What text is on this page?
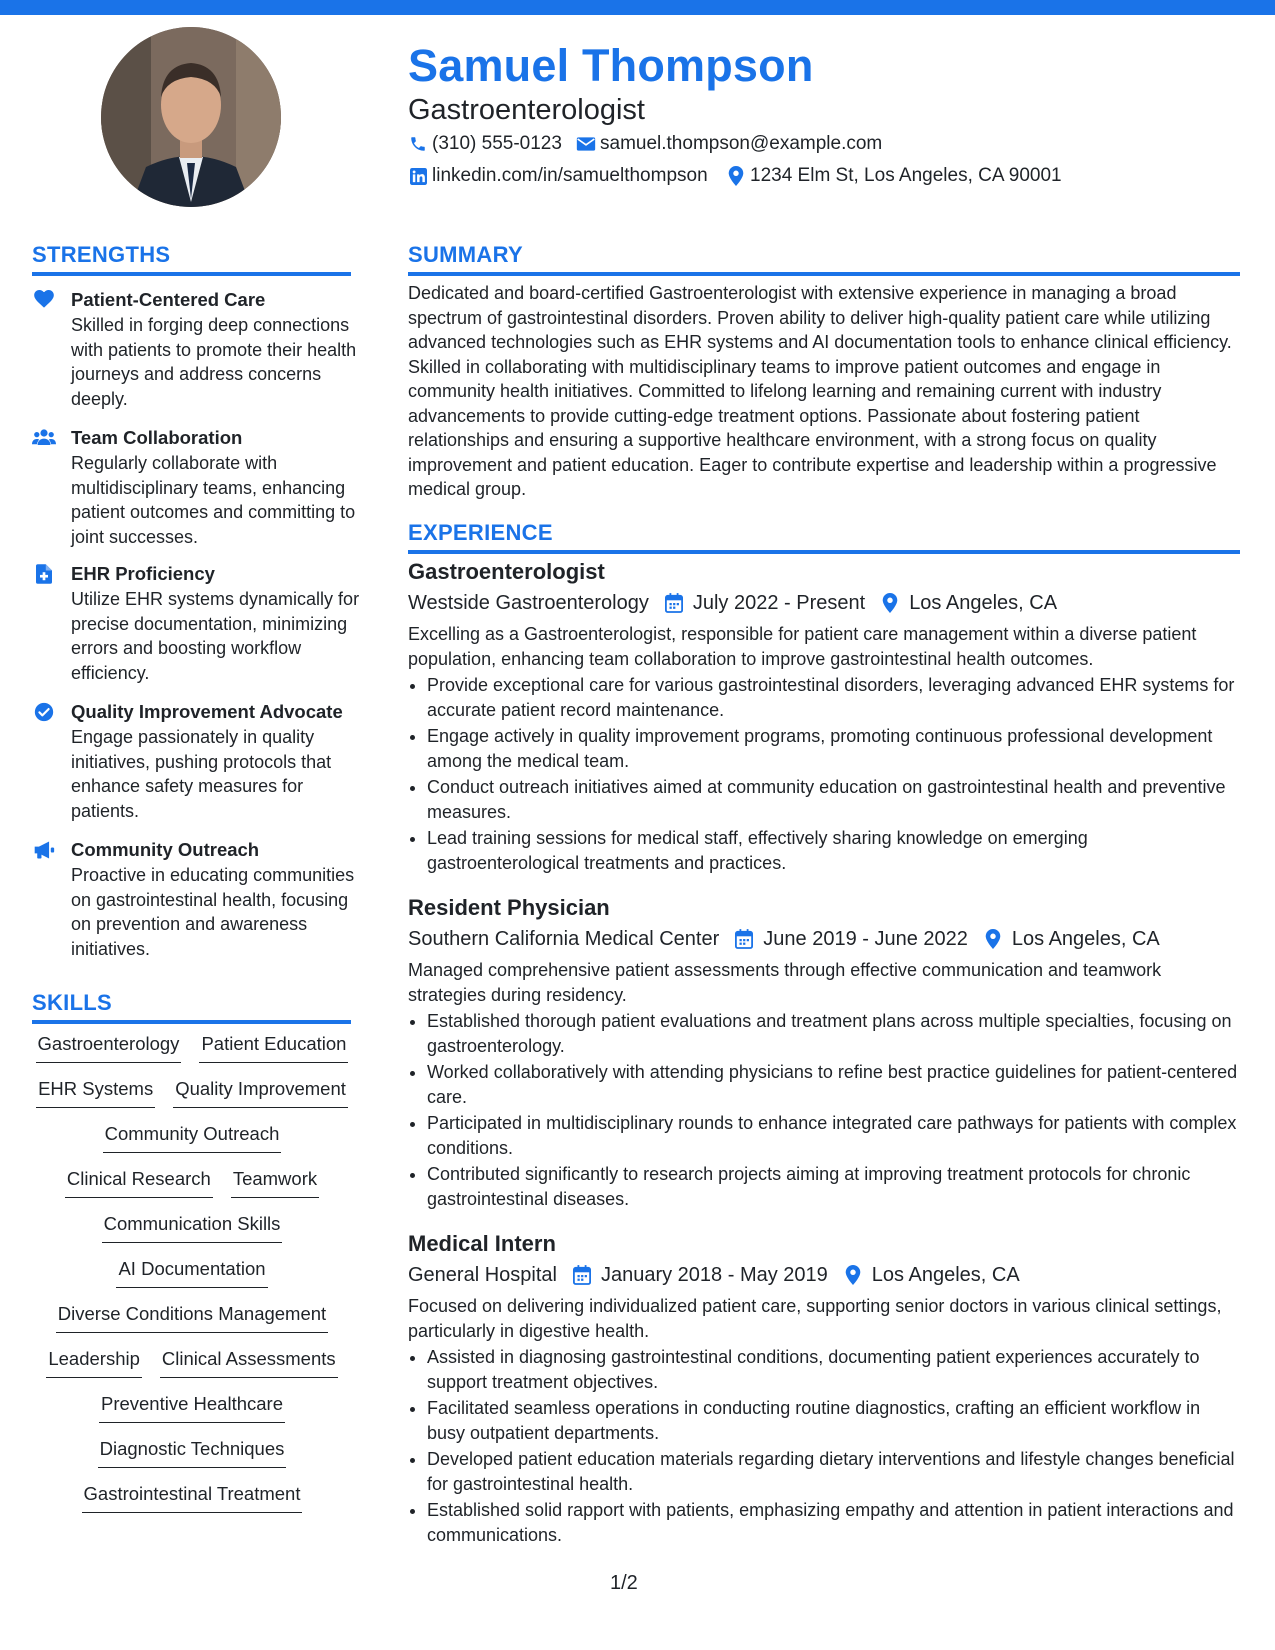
Samuel Thompson
Gastroenterologist
(310) 555-0123 samuel.thompson@example.com
linkedin.com/in/samuelthompson 1234 Elm St, Los Angeles, CA 90001
STRENGTHS
Patient-Centered Care
Skilled in forging deep connections with patients to promote their health journeys and address concerns deeply.
Team Collaboration
Regularly collaborate with multidisciplinary teams, enhancing patient outcomes and committing to joint successes.
EHR Proficiency
Utilize EHR systems dynamically for precise documentation, minimizing errors and boosting workflow efficiency.
Quality Improvement Advocate
Engage passionately in quality initiatives, pushing protocols that enhance safety measures for patients.
Community Outreach
Proactive in educating communities on gastrointestinal health, focusing on prevention and awareness initiatives.
SKILLS
Gastroenterology Patient Education
EHR Systems Quality Improvement
Community Outreach
Clinical Research Teamwork
Communication Skills
AI Documentation
Diverse Conditions Management
Leadership Clinical Assessments
Preventive Healthcare
Diagnostic Techniques
Gastrointestinal Treatment
SUMMARY
Dedicated and board-certified Gastroenterologist with extensive experience in managing a broad spectrum of gastrointestinal disorders. Proven ability to deliver high-quality patient care while utilizing advanced technologies such as EHR systems and AI documentation tools to enhance clinical efficiency. Skilled in collaborating with multidisciplinary teams to improve patient outcomes and engage in community health initiatives. Committed to lifelong learning and remaining current with industry advancements to provide cutting-edge treatment options. Passionate about fostering patient relationships and ensuring a supportive healthcare environment, with a strong focus on quality improvement and patient education. Eager to contribute expertise and leadership within a progressive medical group.
EXPERIENCE
Gastroenterologist
Westside Gastroenterology July 2022 - Present Los Angeles, CA
Excelling as a Gastroenterologist, responsible for patient care management within a diverse patient population, enhancing team collaboration to improve gastrointestinal health outcomes.
• Provide exceptional care for various gastrointestinal disorders, leveraging advanced EHR systems for accurate patient record maintenance.
• Engage actively in quality improvement programs, promoting continuous professional development among the medical team.
• Conduct outreach initiatives aimed at community education on gastrointestinal health and preventive measures.
• Lead training sessions for medical staff, effectively sharing knowledge on emerging gastroenterological treatments and practices.
Resident Physician
Southern California Medical Center June 2019 - June 2022 Los Angeles, CA
Managed comprehensive patient assessments through effective communication and teamwork strategies during residency.
• Established thorough patient evaluations and treatment plans across multiple specialties, focusing on gastroenterology.
• Worked collaboratively with attending physicians to refine best practice guidelines for patient-centered care.
• Participated in multidisciplinary rounds to enhance integrated care pathways for patients with complex conditions.
• Contributed significantly to research projects aiming at improving treatment protocols for chronic gastrointestinal diseases.
Medical Intern
General Hospital January 2018 - May 2019 Los Angeles, CA
Focused on delivering individualized patient care, supporting senior doctors in various clinical settings, particularly in digestive health.
• Assisted in diagnosing gastrointestinal conditions, documenting patient experiences accurately to support treatment objectives.
• Facilitated seamless operations in conducting routine diagnostics, crafting an efficient workflow in busy outpatient departments.
• Developed patient education materials regarding dietary interventions and lifestyle changes beneficial for gastrointestinal health.
• Established solid rapport with patients, emphasizing empathy and attention in patient interactions and communications.
1/2
